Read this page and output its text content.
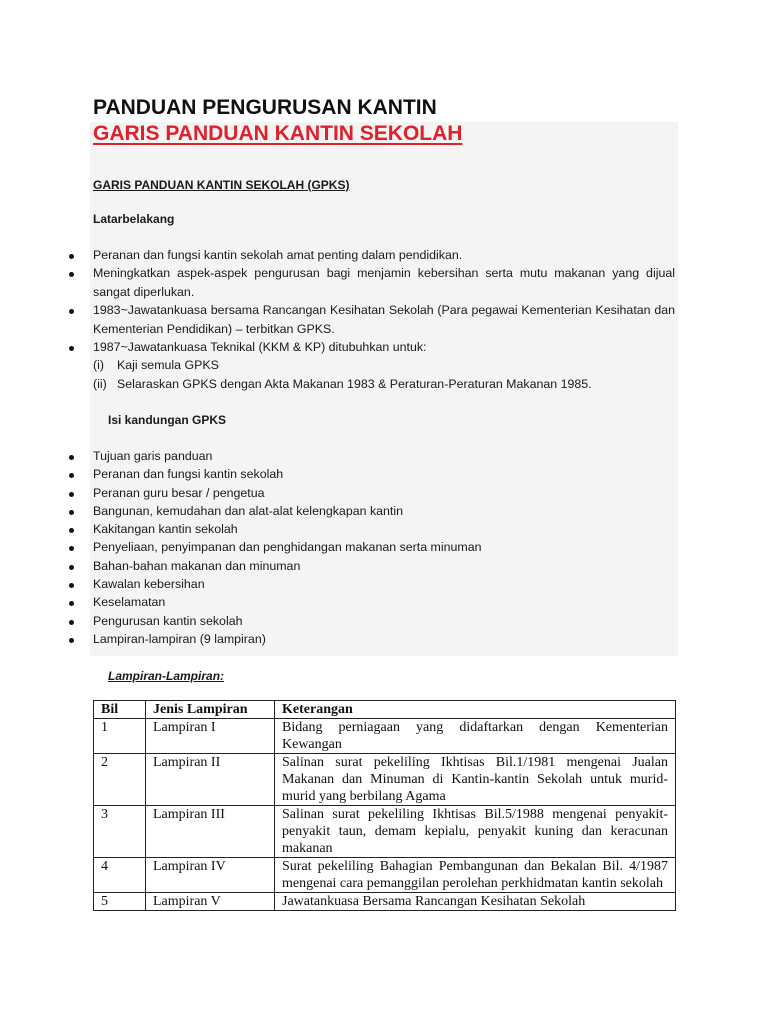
PANDUAN PENGURUSAN KANTIN
GARIS PANDUAN KANTIN SEKOLAH

GARIS PANDUAN KANTIN SEKOLAH (GPKS)

Latarbelakang

Peranan dan fungsi kantin sekolah amat penting dalam pendidikan.
Meningkatkan aspek-aspek pengurusan bagi menjamin kebersihan serta mutu makanan yang dijual sangat diperlukan.
1983~Jawatankuasa bersama Rancangan Kesihatan Sekolah (Para pegawai Kementerian Kesihatan dan Kementerian Pendidikan) – terbitkan GPKS.
1987~Jawatankuasa Teknikal (KKM & KP) ditubuhkan untuk:
(i)	Kaji semula GPKS
(ii) Selaraskan GPKS dengan Akta Makanan 1983 & Peraturan-Peraturan Makanan 1985.

Isi kandungan GPKS

Tujuan garis panduan
Peranan dan fungsi kantin sekolah
Peranan guru besar / pengetua
Bangunan, kemudahan dan alat-alat kelengkapan kantin
Kakitangan kantin sekolah
Penyeliaan, penyimpanan dan penghidangan makanan serta minuman
Bahan-bahan makanan dan minuman
Kawalan kebersihan
Keselamatan
Pengurusan kantin sekolah
Lampiran-lampiran (9 lampiran)

Lampiran-Lampiran:

Bil	Jenis Lampiran	Keterangan
1	Lampiran I	Bidang perniagaan yang didaftarkan dengan Kementerian Kewangan
2	Lampiran II	Salinan surat pekeliling Ikhtisas Bil.1/1981 mengenai Jualan Makanan dan Minuman di Kantin-kantin Sekolah untuk murid-murid yang berbilang Agama
3	Lampiran III	Salinan surat pekeliling Ikhtisas Bil.5/1988 mengenai penyakit-penyakit taun, demam kepialu, penyakit kuning dan keracunan makanan
4	Lampiran IV	Surat pekeliling Bahagian Pembangunan dan Bekalan Bil. 4/1987 mengenai cara pemanggilan perolehan perkhidmatan kantin sekolah
5	Lampiran V	Jawatankuasa Bersama Rancangan Kesihatan Sekolah
